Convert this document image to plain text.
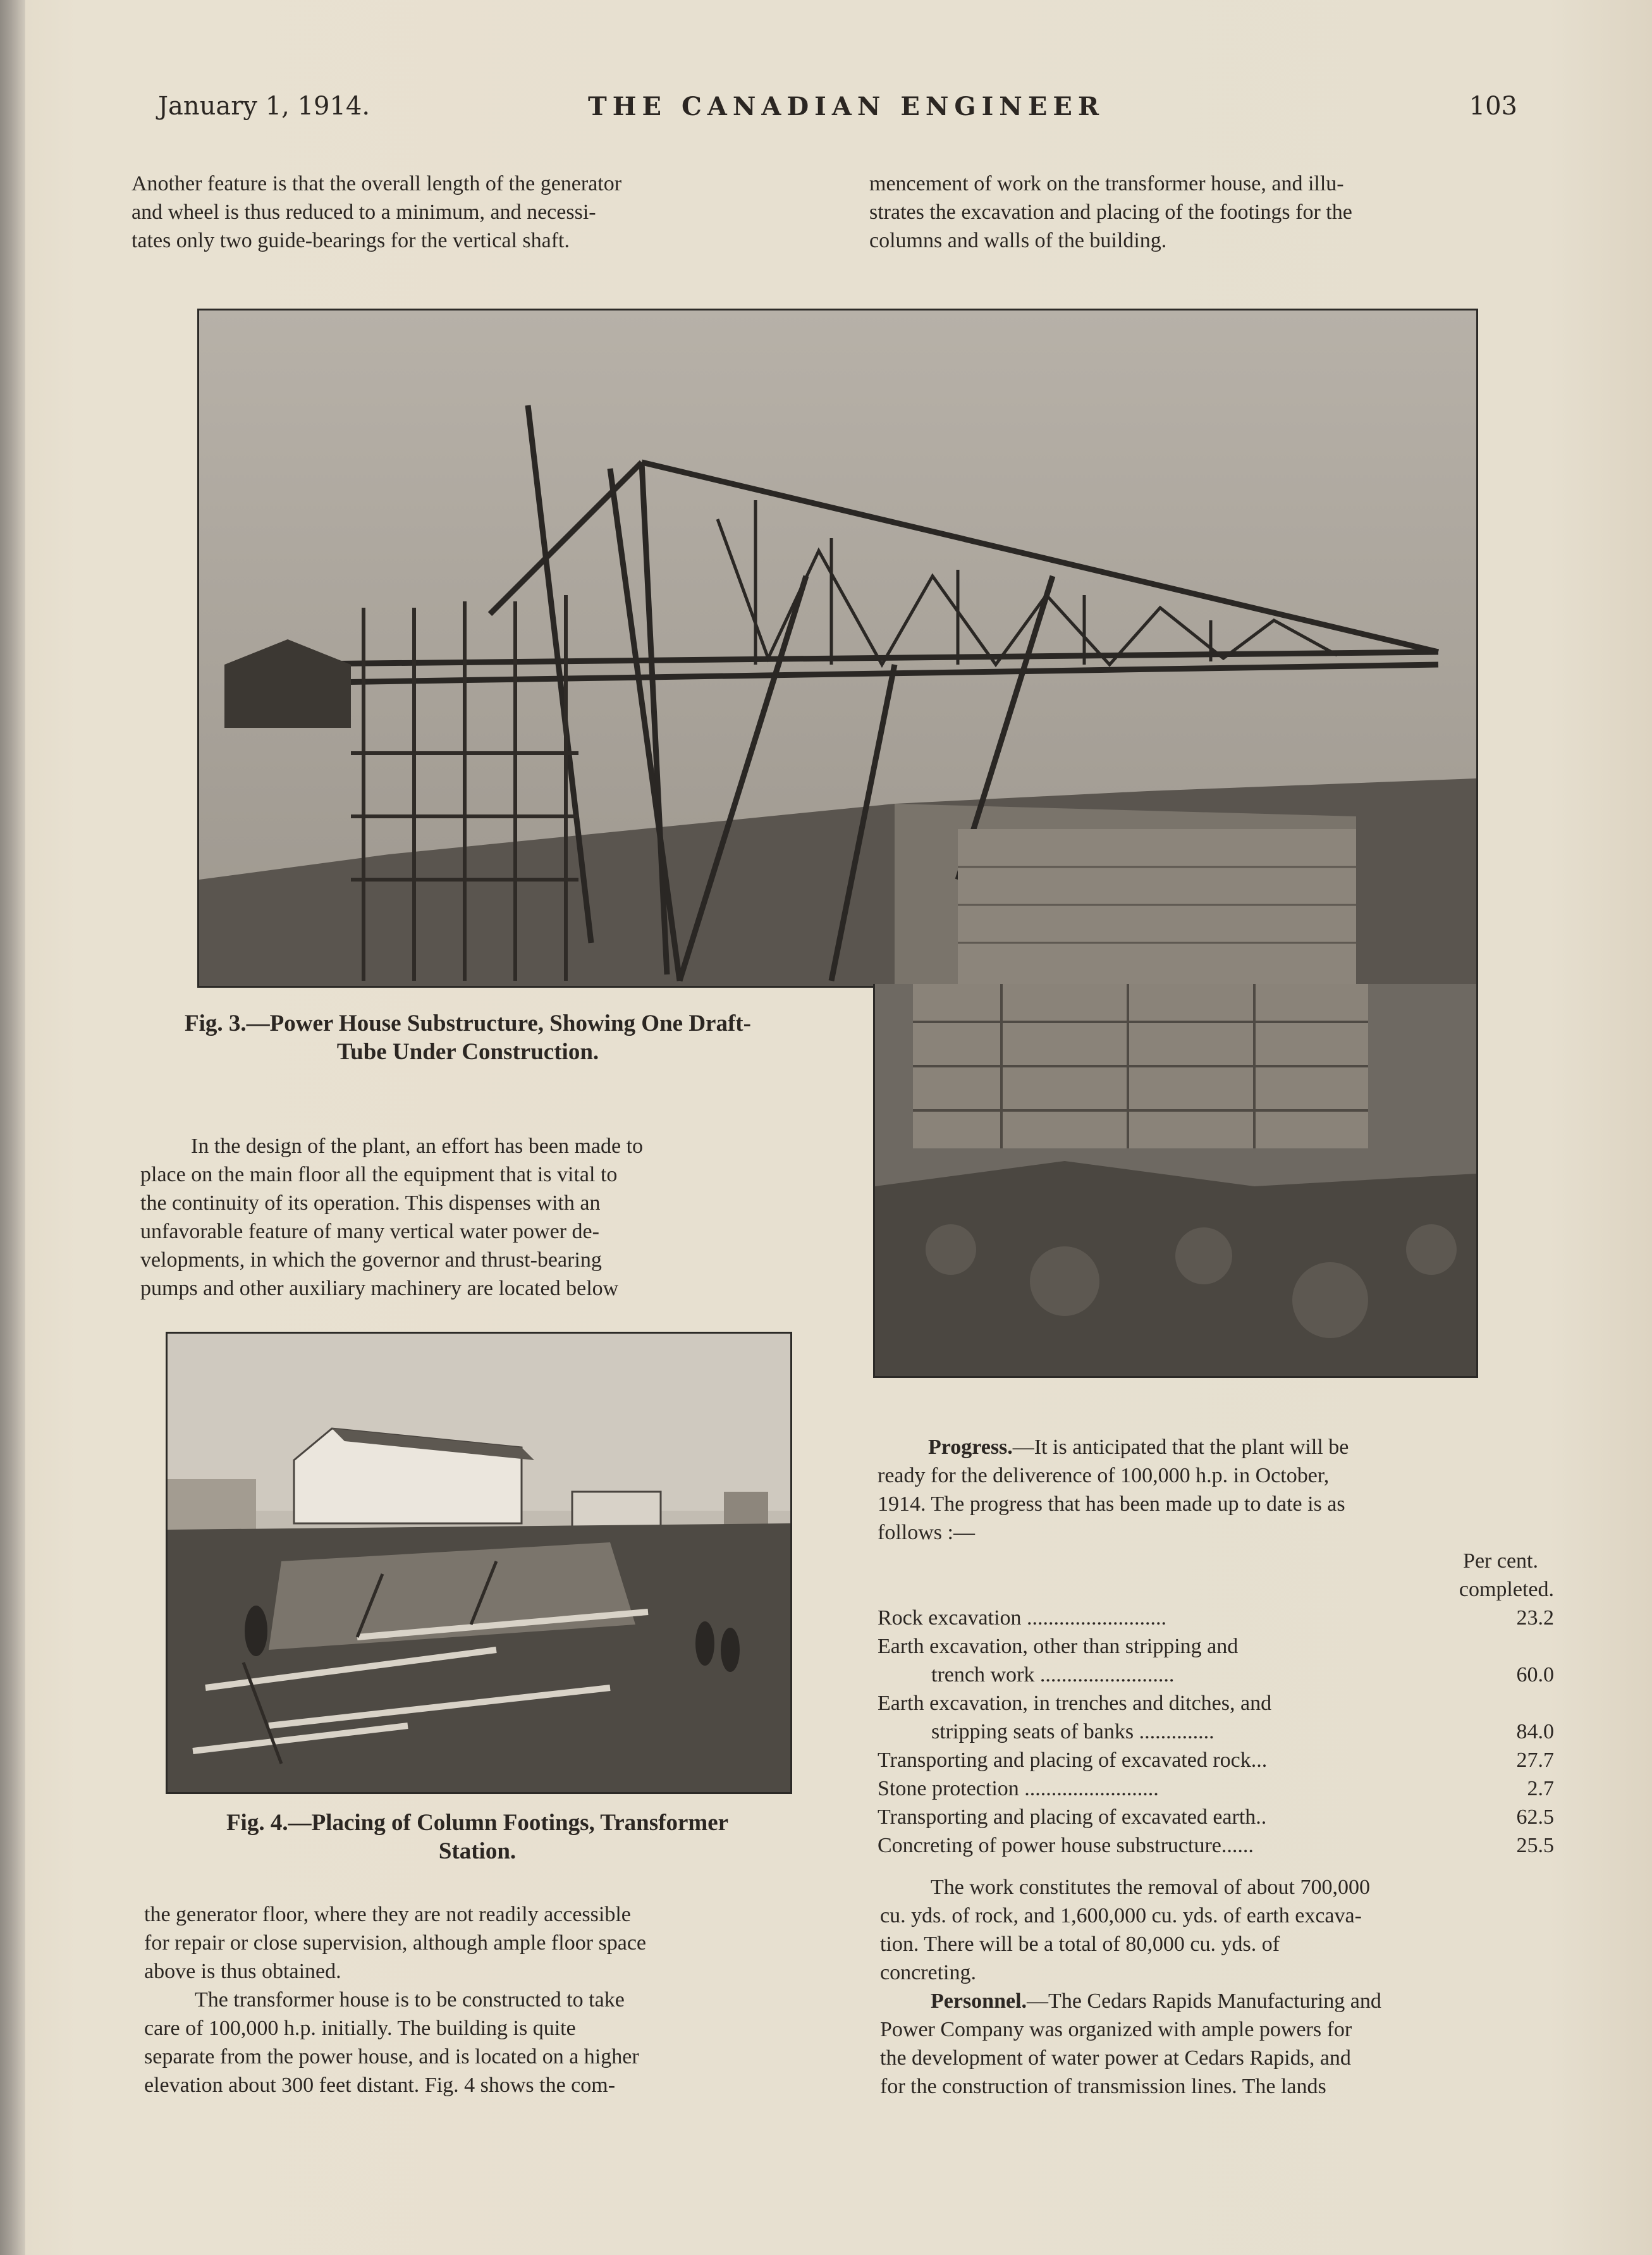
January 1, 1914.	THE CANADIAN ENGINEER	103

Another feature is that the overall length of the generator

and wheel is thus reduced to a minimum, and necessi-

tates only two guide-bearings for the vertical shaft.

mencement of work on the transformer house, and illu-

strates the excavation and placing of the footings for the

columns and walls of the building.

Fig. 3.—Power House Substructure, Showing One Draft-
Tube Under Construction.

In the design of the plant, an effort has been made to

place on the main floor all the equipment that is vital to

the continuity of its operation. This dispenses with an

unfavorable feature of many vertical water power de-

velopments, in which the governor and thrust-bearing

pumps and other auxiliary machinery are located below

Fig. 4.—Placing of Column Footings, Transformer
Station.

the generator floor, where they are not readily accessible

for repair or close supervision, although ample floor space

above is thus obtained.

The transformer house is to be constructed to take

care of 100,000 h.p. initially. The building is quite

separate from the power house, and is located on a higher

elevation about 300 feet distant. Fig. 4 shows the com-

Progress.—It is anticipated that the plant will be

ready for the deliverence of 100,000 h.p. in October,

1914. The progress that has been made up to date is as

follows :—

Per cent.
completed.
Rock excavation ..........................	23.2
Earth excavation, other than stripping and
trench work .........................	60.0
Earth excavation, in trenches and ditches, and
stripping seats of banks ..............	84.0
Transporting and placing of excavated rock...	27.7
Stone protection .........................	2.7
Transporting and placing of excavated earth..	62.5
Concreting of power house substructure......	25.5

The work constitutes the removal of about 700,000

cu. yds. of rock, and 1,600,000 cu. yds. of earth excava-

tion. There will be a total of 80,000 cu. yds. of

concreting.

Personnel.—The Cedars Rapids Manufacturing and

Power Company was organized with ample powers for

the development of water power at Cedars Rapids, and

for the construction of transmission lines. The lands
